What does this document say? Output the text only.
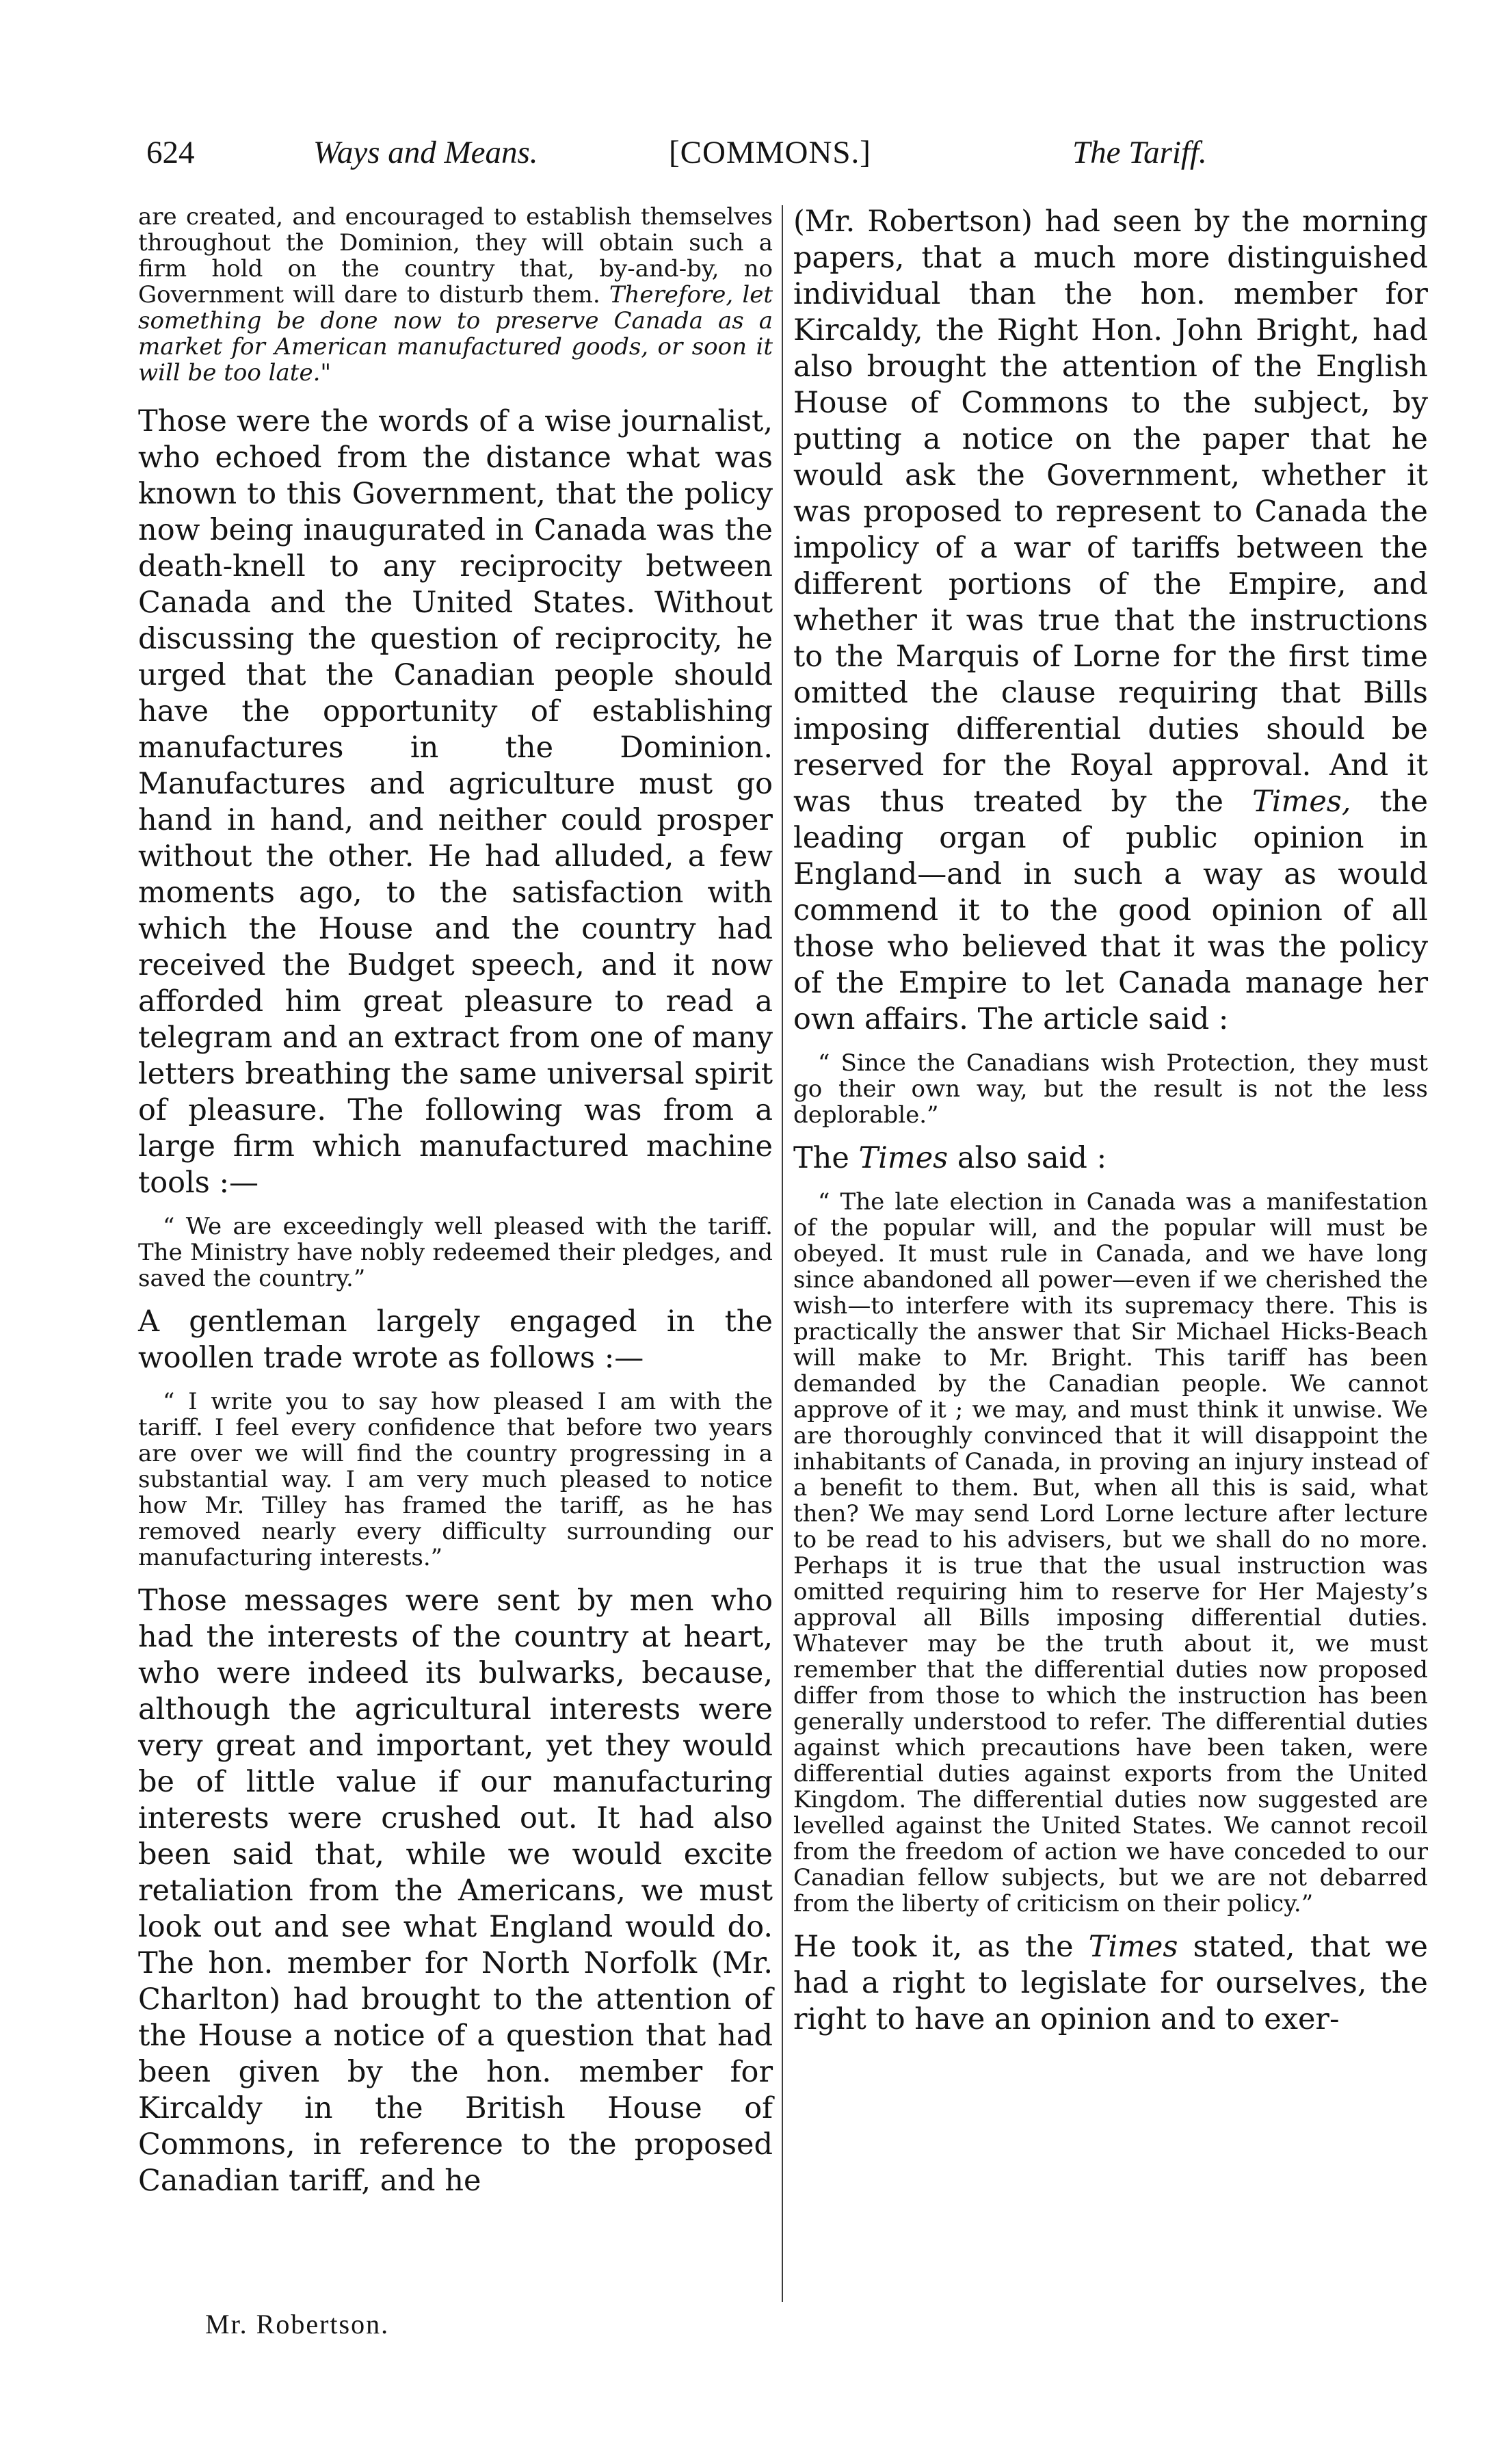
624	Ways and Means.	[COMMONS.]	The Tariff.

are created, and encouraged to establish themselves throughout the Dominion, they will obtain such a firm hold on the country that, by-and-by, no Government will dare to disturb them. Therefore, let something be done now to preserve Canada as a market for American manufactured goods, or soon it will be too late."

Those were the words of a wise journalist, who echoed from the distance what was known to this Government, that the policy now being inaugurated in Canada was the death-knell to any reciprocity between Canada and the United States. Without discussing the question of reciprocity, he urged that the Canadian people should have the opportunity of establishing manufactures in the Dominion. Manufactures and agriculture must go hand in hand, and neither could prosper without the other. He had alluded, a few moments ago, to the satisfaction with which the House and the country had received the Budget speech, and it now afforded him great pleasure to read a telegram and an extract from one of many letters breathing the same universal spirit of pleasure. The following was from a large firm which manufactured machine tools :—

“ We are exceedingly well pleased with the tariff. The Ministry have nobly redeemed their pledges, and saved the country.”

A gentleman largely engaged in the woollen trade wrote as follows :—

“ I write you to say how pleased I am with the tariff. I feel every confidence that before two years are over we will find the country progressing in a substantial way. I am very much pleased to notice how Mr. Tilley has framed the tariff, as he has removed nearly every difficulty surrounding our manufacturing interests.”

Those messages were sent by men who had the interests of the country at heart, who were indeed its bulwarks, because, although the agricultural interests were very great and important, yet they would be of little value if our manufacturing interests were crushed out. It had also been said that, while we would excite retaliation from the Americans, we must look out and see what England would do. The hon. member for North Norfolk (Mr. Charlton) had brought to the attention of the House a notice of a question that had been given by the hon. member for Kircaldy in the British House of Commons, in reference to the proposed Canadian tariff, and he

(Mr. Robertson) had seen by the morning papers, that a much more distinguished individual than the hon. member for Kircaldy, the Right Hon. John Bright, had also brought the attention of the English House of Commons to the subject, by putting a notice on the paper that he would ask the Government, whether it was proposed to represent to Canada the impolicy of a war of tariffs between the different portions of the Empire, and whether it was true that the instructions to the Marquis of Lorne for the first time omitted the clause requiring that Bills imposing differential duties should be reserved for the Royal approval. And it was thus treated by the Times, the leading organ of public opinion in England—and in such a way as would commend it to the good opinion of all those who believed that it was the policy of the Empire to let Canada manage her own affairs. The article said :

“ Since the Canadians wish Protection, they must go their own way, but the result is not the less deplorable.”

The Times also said :

“ The late election in Canada was a manifestation of the popular will, and the popular will must be obeyed. It must rule in Canada, and we have long since abandoned all power—even if we cherished the wish—to interfere with its supremacy there. This is practically the answer that Sir Michael Hicks-Beach will make to Mr. Bright. This tariff has been demanded by the Canadian people. We cannot approve of it ; we may, and must think it unwise. We are thoroughly convinced that it will disappoint the inhabitants of Canada, in proving an injury instead of a benefit to them. But, when all this is said, what then? We may send Lord Lorne lecture after lecture to be read to his advisers, but we shall do no more. Perhaps it is true that the usual instruction was omitted requiring him to reserve for Her Majesty’s approval all Bills imposing differential duties. Whatever may be the truth about it, we must remember that the differential duties now proposed differ from those to which the instruction has been generally understood to refer. The differential duties against which precautions have been taken, were differential duties against exports from the United Kingdom. The differential duties now suggested are levelled against the United States. We cannot recoil from the freedom of action we have conceded to our Canadian fellow subjects, but we are not debarred from the liberty of criticism on their policy.”

He took it, as the Times stated, that we had a right to legislate for ourselves, the right to have an opinion and to exer-

Mr. Robertson.
